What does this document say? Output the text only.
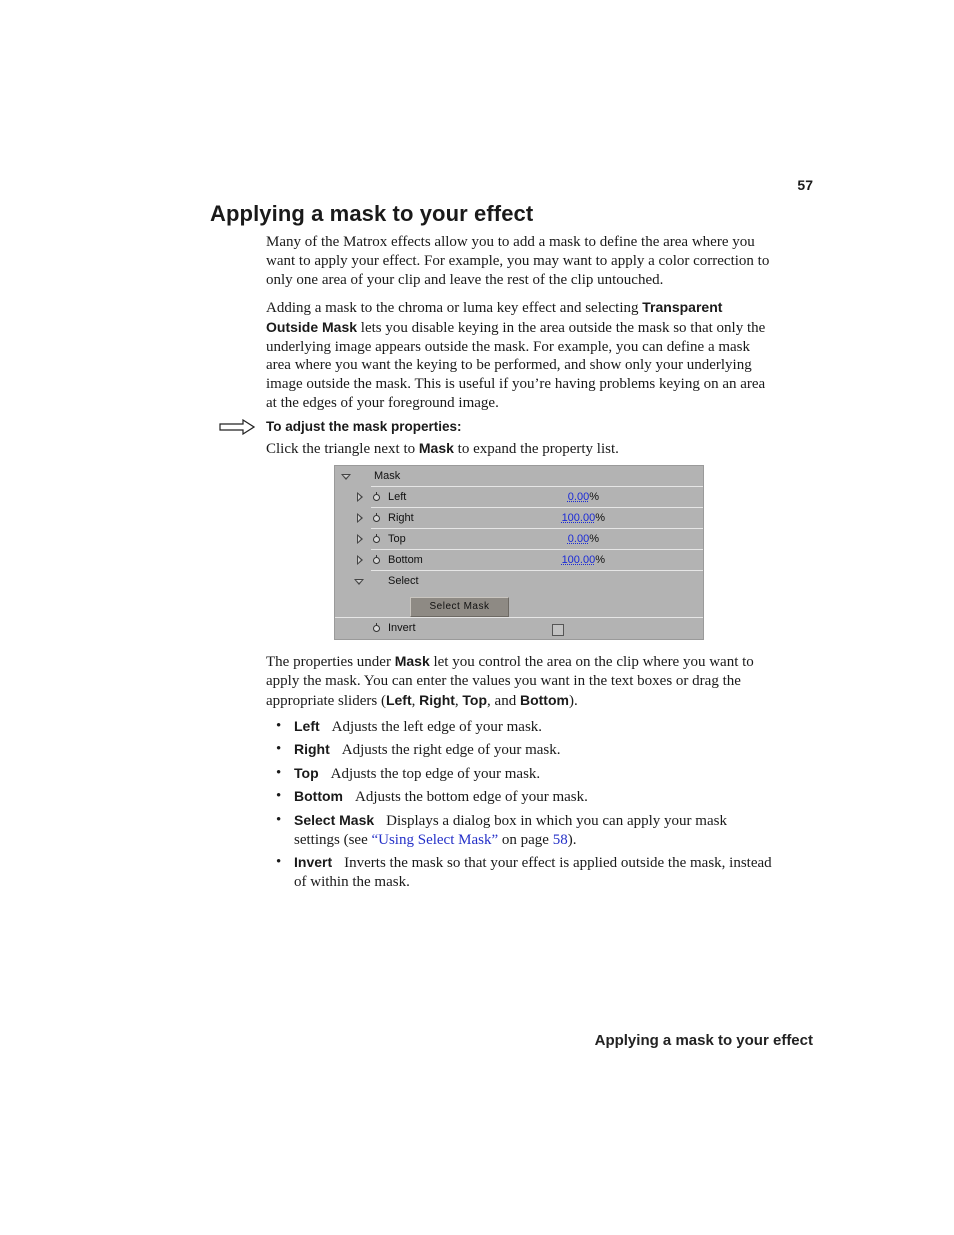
57
Applying a mask to your effect

Many of the Matrox effects allow you to add a mask to define the area where you want to apply your effect. For example, you may want to apply a color correction to only one area of your clip and leave the rest of the clip untouched.

Adding a mask to the chroma or luma key effect and selecting Transparent Outside Mask lets you disable keying in the area outside the mask so that only the underlying image appears outside the mask. For example, you can define a mask area where you want the keying to be performed, and show only your underlying image outside the mask. This is useful if you’re having problems keying on an area at the edges of your foreground image.

To adjust the mask properties:

Click the triangle next to Mask to expand the property list.

Mask
Left	0.00%
Right	100.00%
Top	0.00%
Bottom	100.00%
Select
Select Mask
Invert

The properties under Mask let you control the area on the clip where you want to apply the mask. You can enter the values you want in the text boxes or drag the appropriate sliders (Left, Right, Top, and Bottom).

• Left Adjusts the left edge of your mask.
• Right Adjusts the right edge of your mask.
• Top Adjusts the top edge of your mask.
• Bottom Adjusts the bottom edge of your mask.
• Select Mask Displays a dialog box in which you can apply your mask settings (see “Using Select Mask” on page 58).
• Invert Inverts the mask so that your effect is applied outside the mask, instead of within the mask.
Applying a mask to your effect
